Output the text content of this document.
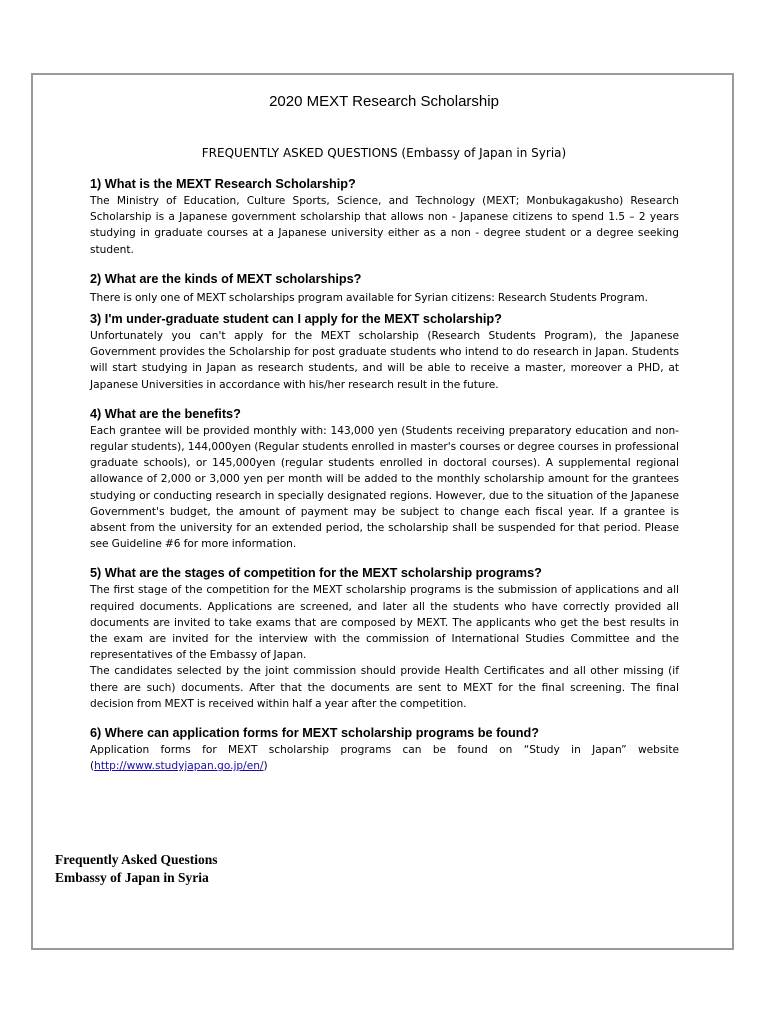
2020 MEXT Research Scholarship
FREQUENTLY ASKED QUESTIONS (Embassy of Japan in Syria)

1) What is the MEXT Research Scholarship?

The Ministry of Education, Culture Sports, Science, and Technology (MEXT; Monbukagakusho) Research Scholarship is a Japanese government scholarship that allows non - Japanese citizens to spend 1.5 – 2 years studying in graduate courses at a Japanese university either as a non - degree student or a degree seeking student.

2) What are the kinds of MEXT scholarships?

There is only one of MEXT scholarships program available for Syrian citizens: Research Students Program.

3) I'm under-graduate student can I apply for the MEXT scholarship?

Unfortunately you can't apply for the MEXT scholarship (Research Students Program), the Japanese Government provides the Scholarship for post graduate students who intend to do research in Japan. Students will start studying in Japan as research students, and will be able to receive a master, moreover a PHD, at Japanese Universities in accordance with his/her research result in the future.

4) What are the benefits?

Each grantee will be provided monthly with: 143,000 yen (Students receiving preparatory education and non-regular students), 144,000yen (Regular students enrolled in master's courses or degree courses in professional graduate schools), or 145,000yen (regular students enrolled in doctoral courses). A supplemental regional allowance of 2,000 or 3,000 yen per month will be added to the monthly scholarship amount for the grantees studying or conducting research in specially designated regions. However, due to the situation of the Japanese Government's budget, the amount of payment may be subject to change each fiscal year. If a grantee is absent from the university for an extended period, the scholarship shall be suspended for that period. Please see Guideline #6 for more information.

5) What are the stages of competition for the MEXT scholarship programs?

The first stage of the competition for the MEXT scholarship programs is the submission of applications and all required documents. Applications are screened, and later all the students who have correctly provided all documents are invited to take exams that are composed by MEXT. The applicants who get the best results in the exam are invited for the interview with the commission of International Studies Committee and the representatives of the Embassy of Japan.

The candidates selected by the joint commission should provide Health Certificates and all other missing (if there are such) documents. After that the documents are sent to MEXT for the final screening. The final decision from MEXT is received within half a year after the competition.

6) Where can application forms for MEXT scholarship programs be found?

Application forms for MEXT scholarship programs can be found on “Study in Japan” website (http://www.studyjapan.go.jp/en/)

Frequently Asked Questions
Embassy of Japan in Syria
